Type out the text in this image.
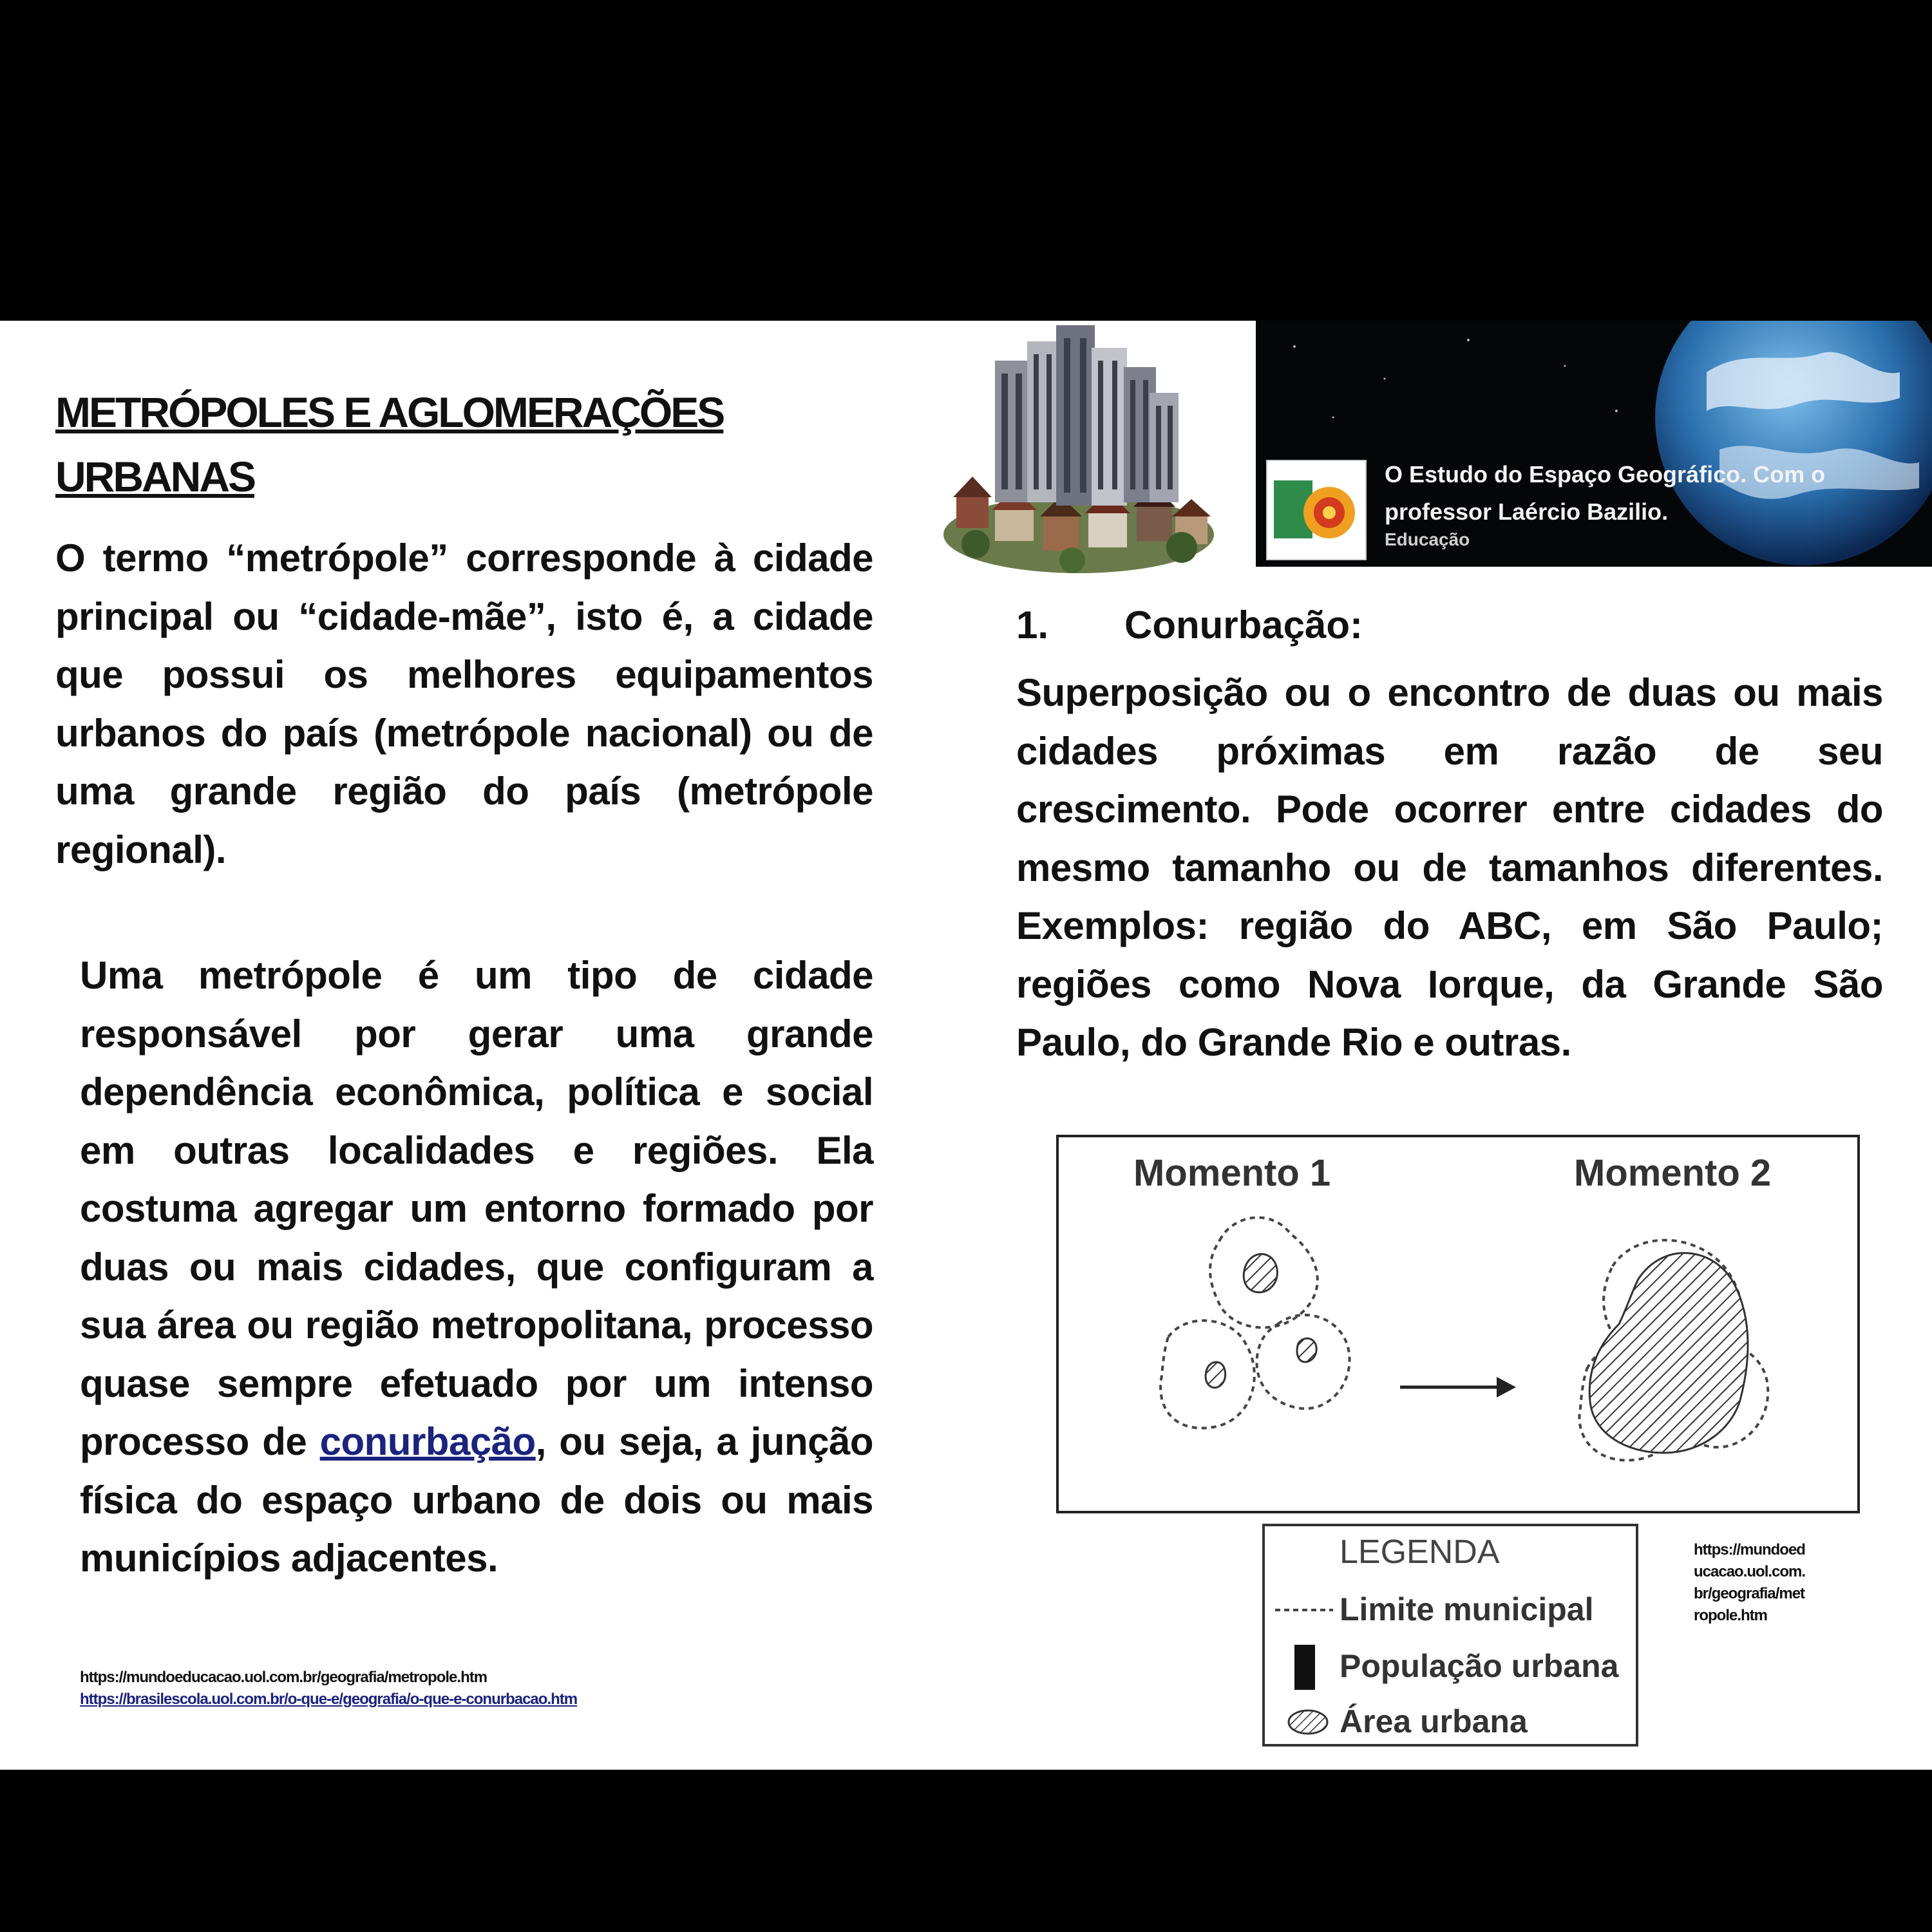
METRÓPOLES E AGLOMERAÇÕES URBANAS

O termo “metrópole” corresponde à cidade principal ou “cidade-mãe”, isto é, a cidade que possui os melhores equipamentos urbanos do país (metrópole nacional) ou de uma grande região do país (metrópole regional).

Uma metrópole é um tipo de cidade responsável por gerar uma grande dependência econômica, política e social em outras localidades e regiões. Ela costuma agregar um entorno formado por duas ou mais cidades, que configuram a sua área ou região metropolitana, processo quase sempre efetuado por um intenso processo de conurbação, ou seja, a junção física do espaço urbano de dois ou mais municípios adjacentes.

https://mundoeducacao.uol.com.br/geografia/metropole.htm
https://brasilescola.uol.com.br/o-que-e/geografia/o-que-e-conurbacao.htm

O Estudo do Espaço Geográfico. Com o professor Laércio Bazilio.

Educação
1. Conurbação:

Superposição ou o encontro de duas ou mais cidades próximas em razão de seu crescimento. Pode ocorrer entre cidades do mesmo tamanho ou de tamanhos diferentes. Exemplos: região do ABC, em São Paulo; regiões como Nova Iorque, da Grande São Paulo, do Grande Rio e outras.

Momento 1	Momento 2
LEGENDA
Limite municipal
População urbana
Área urbana
https://mundoeducacao.uol.com.br/geografia/metropole.htm
